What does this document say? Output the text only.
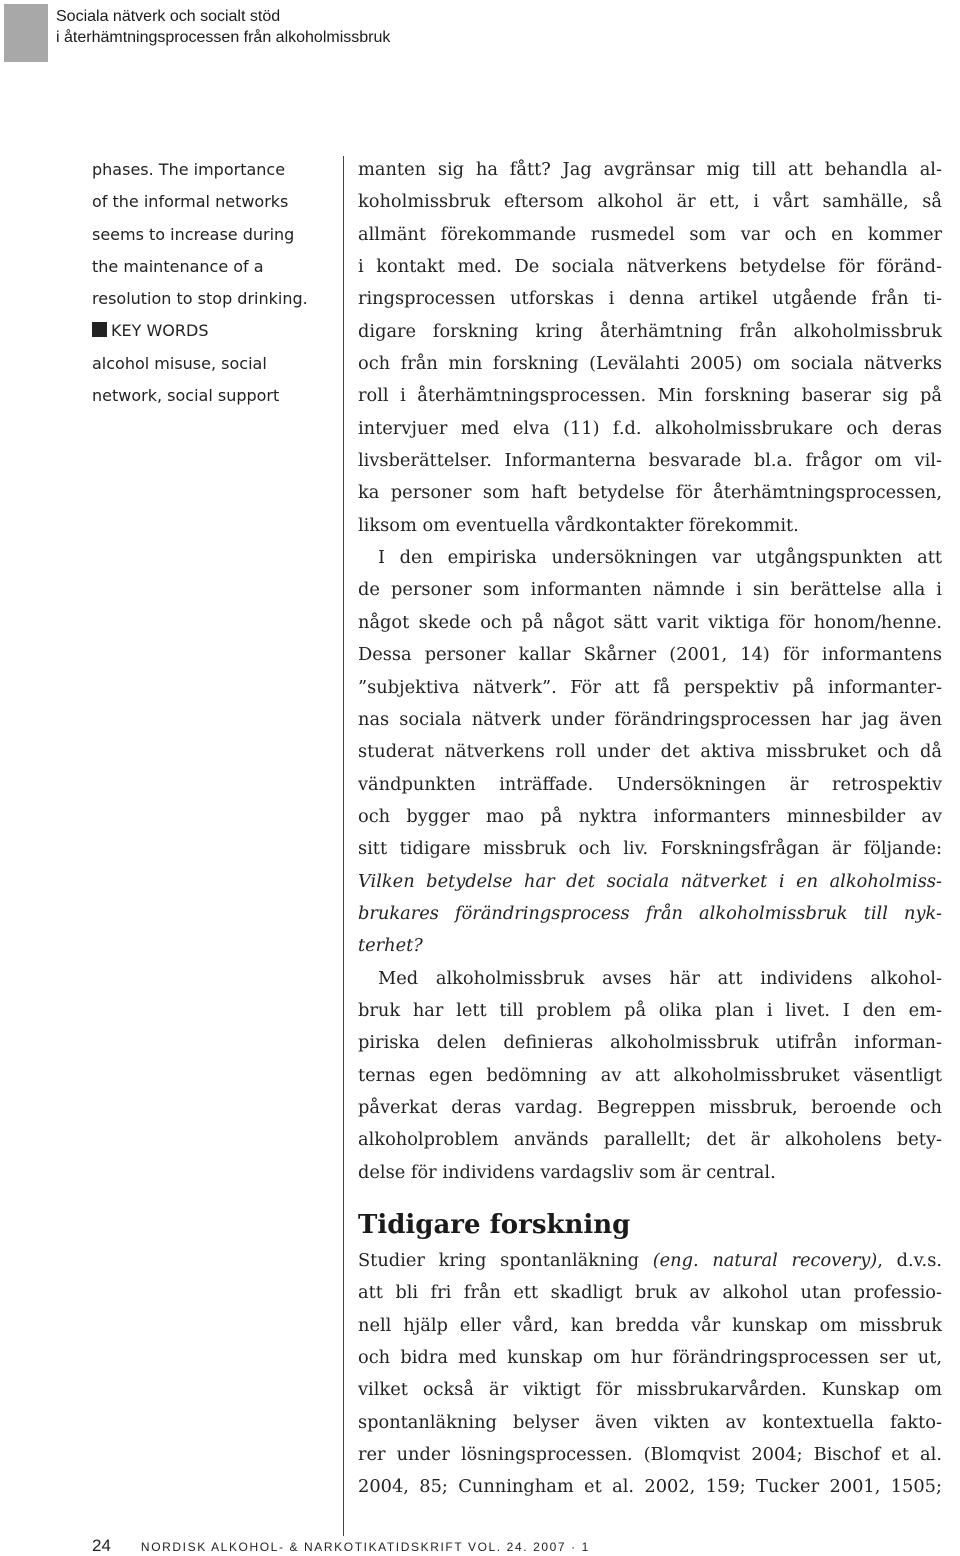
Sociala nätverk och socialt stöd
i återhämtningsprocessen från alkoholmissbruk
phases. The importance
of the informal networks
seems to increase during
the maintenance of a
resolution to stop drinking.
KEY WORDS
alcohol misuse, social
network, social support
manten sig ha fått? Jag avgränsar mig till att behandla al-
koholmissbruk eftersom alkohol är ett, i vårt samhälle, så
allmänt förekommande rusmedel som var och en kommer
i kontakt med. De sociala nätverkens betydelse för föränd-
ringsprocessen utforskas i denna artikel utgående från ti-
digare forskning kring återhämtning från alkoholmissbruk
och från min forskning (Levälahti 2005) om sociala nätverks
roll i återhämtningsprocessen. Min forskning baserar sig på
intervjuer med elva (11) f.d. alkoholmissbrukare och deras
livsberättelser. Informanterna besvarade bl.a. frågor om vil-
ka personer som haft betydelse för återhämtningsprocessen,
liksom om eventuella vårdkontakter förekommit.
I den empiriska undersökningen var utgångspunkten att
de personer som informanten nämnde i sin berättelse alla i
något skede och på något sätt varit viktiga för honom/henne.
Dessa personer kallar Skårner (2001, 14) för informantens
”subjektiva nätverk”. För att få perspektiv på informanter-
nas sociala nätverk under förändringsprocessen har jag även
studerat nätverkens roll under det aktiva missbruket och då
vändpunkten inträffade. Undersökningen är retrospektiv
och bygger mao på nyktra informanters minnesbilder av
sitt tidigare missbruk och liv. Forskningsfrågan är följande:
Vilken betydelse har det sociala nätverket i en alkoholmiss-
brukares förändringsprocess från alkoholmissbruk till nyk-
terhet?
Med alkoholmissbruk avses här att individens alkohol-
bruk har lett till problem på olika plan i livet. I den em-
piriska delen definieras alkoholmissbruk utifrån informan-
ternas egen bedömning av att alkoholmissbruket väsentligt
påverkat deras vardag. Begreppen missbruk, beroende och
alkoholproblem används parallellt; det är alkoholens bety-
delse för individens vardagsliv som är central.
Tidigare forskning
Studier kring spontanläkning (eng. natural recovery), d.v.s.
att bli fri från ett skadligt bruk av alkohol utan professio-
nell hjälp eller vård, kan bredda vår kunskap om missbruk
och bidra med kunskap om hur förändringsprocessen ser ut,
vilket också är viktigt för missbrukarvården. Kunskap om
spontanläkning belyser även vikten av kontextuella fakto-
rer under lösningsprocessen. (Blomqvist 2004; Bischof et al.
2004, 85; Cunningham et al. 2002, 159; Tucker 2001, 1505;
24	NORDISK ALKOHOL- & NARKOTIKATIDSKRIFT VOL. 24. 2007 · 1
